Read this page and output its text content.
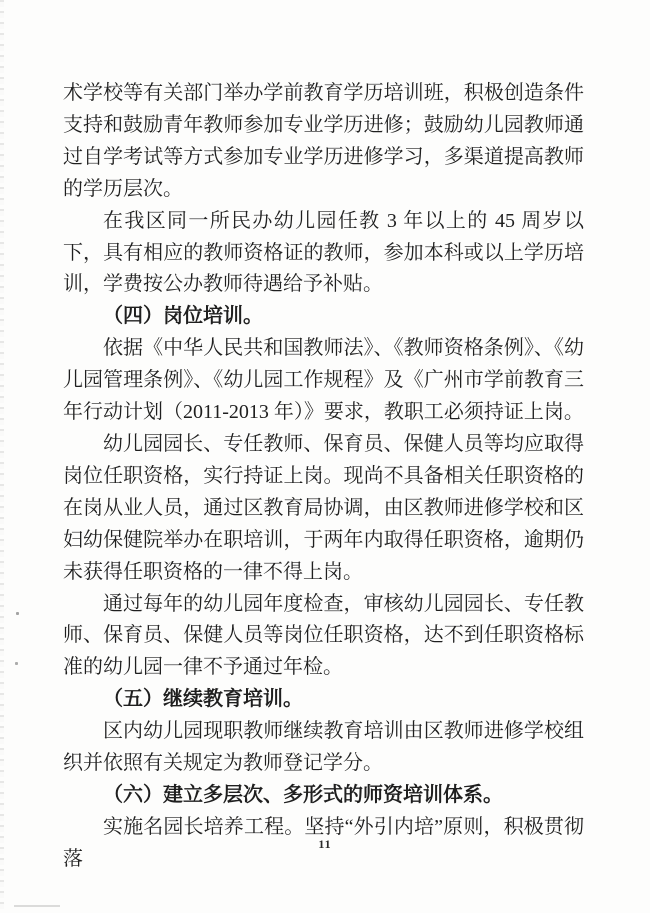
术学校等有关部门举办学前教育学历培训班，积极创造条件支持和鼓励青年教师参加专业学历进修；鼓励幼儿园教师通过自学考试等方式参加专业学历进修学习，多渠道提高教师的学历层次。

在我区同一所民办幼儿园任教 3 年以上的 45 周岁以下，具有相应的教师资格证的教师，参加本科或以上学历培训，学费按公办教师待遇给予补贴。

（四）岗位培训。

依据《中华人民共和国教师法》、《教师资格条例》、《幼儿园管理条例》、《幼儿园工作规程》及《广州市学前教育三年行动计划（2011-2013 年）》要求，教职工必须持证上岗。

幼儿园园长、专任教师、保育员、保健人员等均应取得岗位任职资格，实行持证上岗。现尚不具备相关任职资格的在岗从业人员，通过区教育局协调，由区教师进修学校和区妇幼保健院举办在职培训，于两年内取得任职资格，逾期仍未获得任职资格的一律不得上岗。

通过每年的幼儿园年度检查，审核幼儿园园长、专任教师、保育员、保健人员等岗位任职资格，达不到任职资格标准的幼儿园一律不予通过年检。

（五）继续教育培训。

区内幼儿园现职教师继续教育培训由区教师进修学校组织并依照有关规定为教师登记学分。

（六）建立多层次、多形式的师资培训体系。

实施名园长培养工程。坚持“外引内培”原则，积极贯彻落

11
